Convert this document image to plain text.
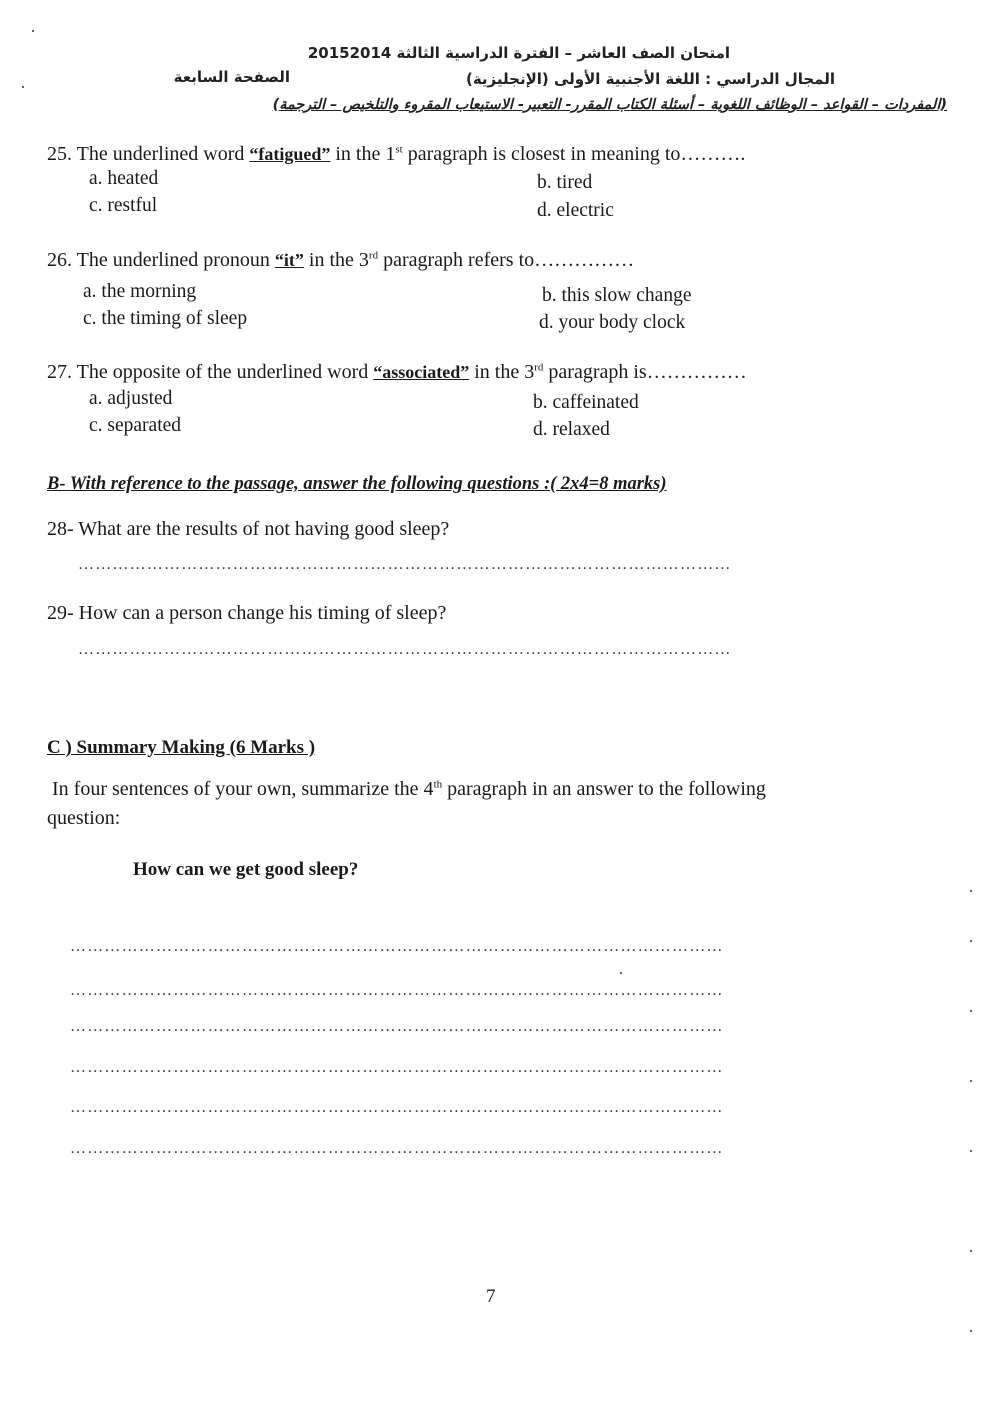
امتحان الصف العاشر – الفترة الدراسية الثالثة 20152014
المجال الدراسي : اللغة الأجنبية الأولى (الإنجليزية)
الصفحة السابعة
(المفردات – القواعد – الوظائف اللغوية – أسئلة الكتاب المقرر- التعبير- الاستيعاب المقروء والتلخيص – الترجمة)
25. The underlined word “fatigued” in the 1st paragraph is closest in meaning to……….
a. heated	b. tired
c. restful	d. electric
26. The underlined pronoun “it” in the 3rd paragraph refers to……………
a. the morning	b. this slow change
c. the timing of sleep	d. your body clock
27. The opposite of the underlined word “associated” in the 3rd paragraph is……………
a. adjusted	b. caffeinated
c. separated	d. relaxed
B- With reference to the passage, answer the following questions :( 2x4=8 marks)
28- What are the results of not having good sleep?
……………………………………………………………………………………………………
29- How can a person change his timing of sleep?
……………………………………………………………………………………………………
C ) Summary Making (6 Marks )
In four sentences of your own, summarize the 4th paragraph in an answer to the following
question:
How can we get good sleep?
……………………………………………………………………………………………………
……………………………………………………………………………………………………
……………………………………………………………………………………………………
……………………………………………………………………………………………………
……………………………………………………………………………………………………
……………………………………………………………………………………………………
7
